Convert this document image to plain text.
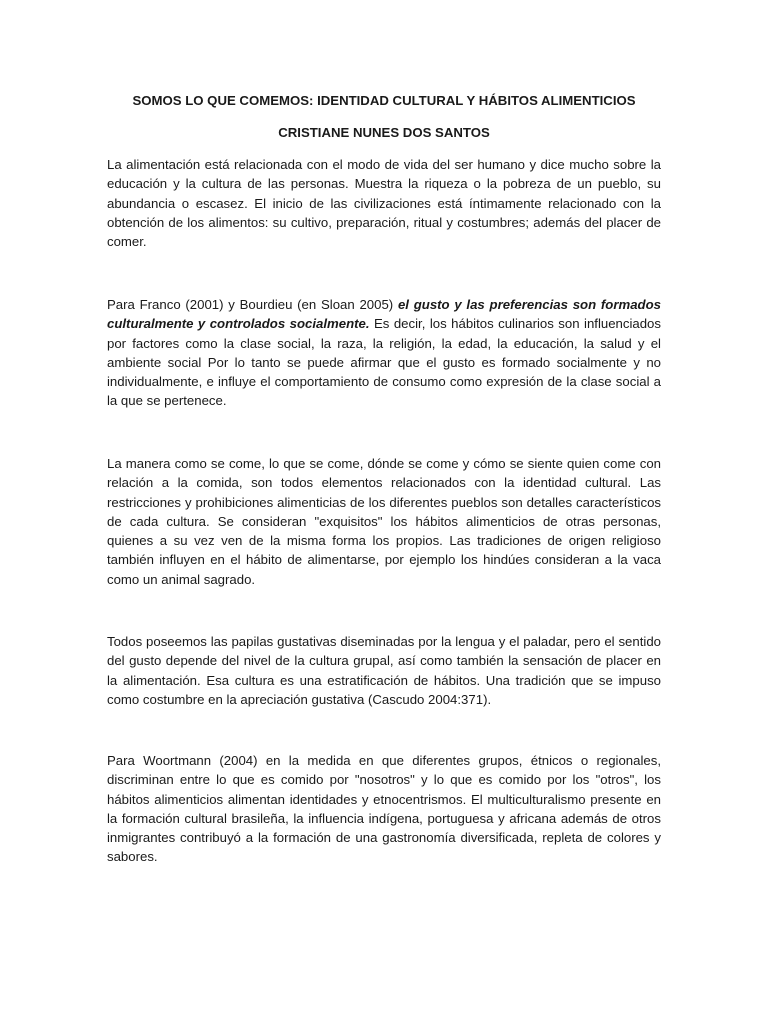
SOMOS LO QUE COMEMOS: IDENTIDAD CULTURAL Y HÁBITOS ALIMENTICIOS
CRISTIANE NUNES DOS SANTOS

La alimentación está relacionada con el modo de vida del ser humano y dice mucho sobre la educación y la cultura de las personas. Muestra la riqueza o la pobreza de un pueblo, su abundancia o escasez. El inicio de las civilizaciones está íntimamente relacionado con la obtención de los alimentos: su cultivo, preparación, ritual y costumbres; además del placer de comer.

Para Franco (2001) y Bourdieu (en Sloan 2005) el gusto y las preferencias son formados culturalmente y controlados socialmente. Es decir, los hábitos culinarios son influenciados por factores como la clase social, la raza, la religión, la edad, la educación, la salud y el ambiente social Por lo tanto se puede afirmar que el gusto es formado socialmente y no individualmente, e influye el comportamiento de consumo como expresión de la clase social a la que se pertenece.

La manera como se come, lo que se come, dónde se come y cómo se siente quien come con relación a la comida, son todos elementos relacionados con la identidad cultural. Las restricciones y prohibiciones alimenticias de los diferentes pueblos son detalles característicos de cada cultura. Se consideran "exquisitos" los hábitos alimenticios de otras personas, quienes a su vez ven de la misma forma los propios. Las tradiciones de origen religioso también influyen en el hábito de alimentarse, por ejemplo los hindúes consideran a la vaca como un animal sagrado.

Todos poseemos las papilas gustativas diseminadas por la lengua y el paladar, pero el sentido del gusto depende del nivel de la cultura grupal, así como también la sensación de placer en la alimentación. Esa cultura es una estratificación de hábitos. Una tradición que se impuso como costumbre en la apreciación gustativa (Cascudo 2004:371).

Para Woortmann (2004) en la medida en que diferentes grupos, étnicos o regionales, discriminan entre lo que es comido por "nosotros" y lo que es comido por los "otros", los hábitos alimenticios alimentan identidades y etnocentrismos. El multiculturalismo presente en la formación cultural brasileña, la influencia indígena, portuguesa y africana además de otros inmigrantes contribuyó a la formación de una gastronomía diversificada, repleta de colores y sabores.
